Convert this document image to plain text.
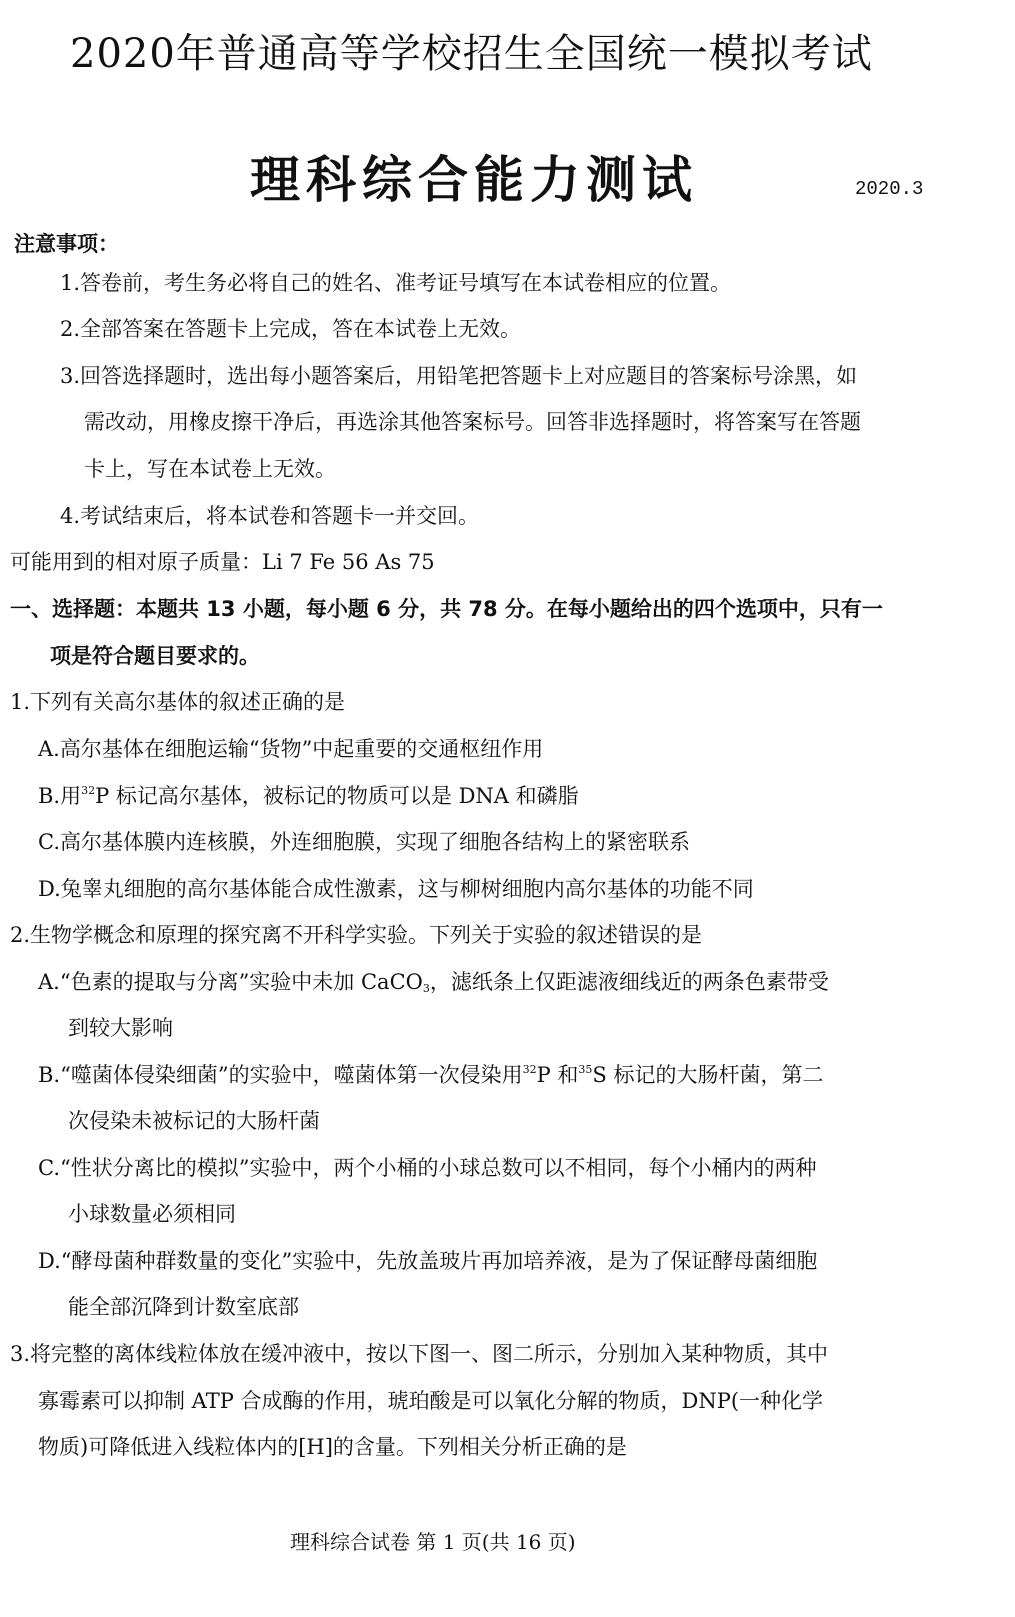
2020年普通高等学校招生全国统一模拟考试
理科综合能力测试	2020.3
注意事项：
1.答卷前，考生务必将自己的姓名、准考证号填写在本试卷相应的位置。
2.全部答案在答题卡上完成，答在本试卷上无效。
3.回答选择题时，选出每小题答案后，用铅笔把答题卡上对应题目的答案标号涂黑，如
需改动，用橡皮擦干净后，再选涂其他答案标号。回答非选择题时，将答案写在答题
卡上，写在本试卷上无效。
4.考试结束后，将本试卷和答题卡一并交回。
可能用到的相对原子质量：Li 7 Fe 56 As 75
一、选择题：本题共 13 小题，每小题 6 分，共 78 分。在每小题给出的四个选项中，只有一
项是符合题目要求的。
1.下列有关高尔基体的叙述正确的是
A.高尔基体在细胞运输“货物”中起重要的交通枢纽作用
B.用$^{32}$P 标记高尔基体，被标记的物质可以是 DNA 和磷脂
C.高尔基体膜内连核膜，外连细胞膜，实现了细胞各结构上的紧密联系
D.兔睾丸细胞的高尔基体能合成性激素，这与柳树细胞内高尔基体的功能不同
2.生物学概念和原理的探究离不开科学实验。下列关于实验的叙述错误的是
A.“色素的提取与分离”实验中未加 CaCO$_3$，滤纸条上仅距滤液细线近的两条色素带受
到较大影响
B.“噬菌体侵染细菌”的实验中，噬菌体第一次侵染用$^{32}$P 和$^{35}$S 标记的大肠杆菌，第二
次侵染未被标记的大肠杆菌
C.“性状分离比的模拟”实验中，两个小桶的小球总数可以不相同，每个小桶内的两种
小球数量必须相同
D.“酵母菌种群数量的变化”实验中，先放盖玻片再加培养液，是为了保证酵母菌细胞
能全部沉降到计数室底部
3.将完整的离体线粒体放在缓冲液中，按以下图一、图二所示，分别加入某种物质，其中
寡霉素可以抑制 ATP 合成酶的作用，琥珀酸是可以氧化分解的物质，DNP(一种化学
物质)可降低进入线粒体内的[H]的含量。下列相关分析正确的是
理科综合试卷 第 1 页(共 16 页)
